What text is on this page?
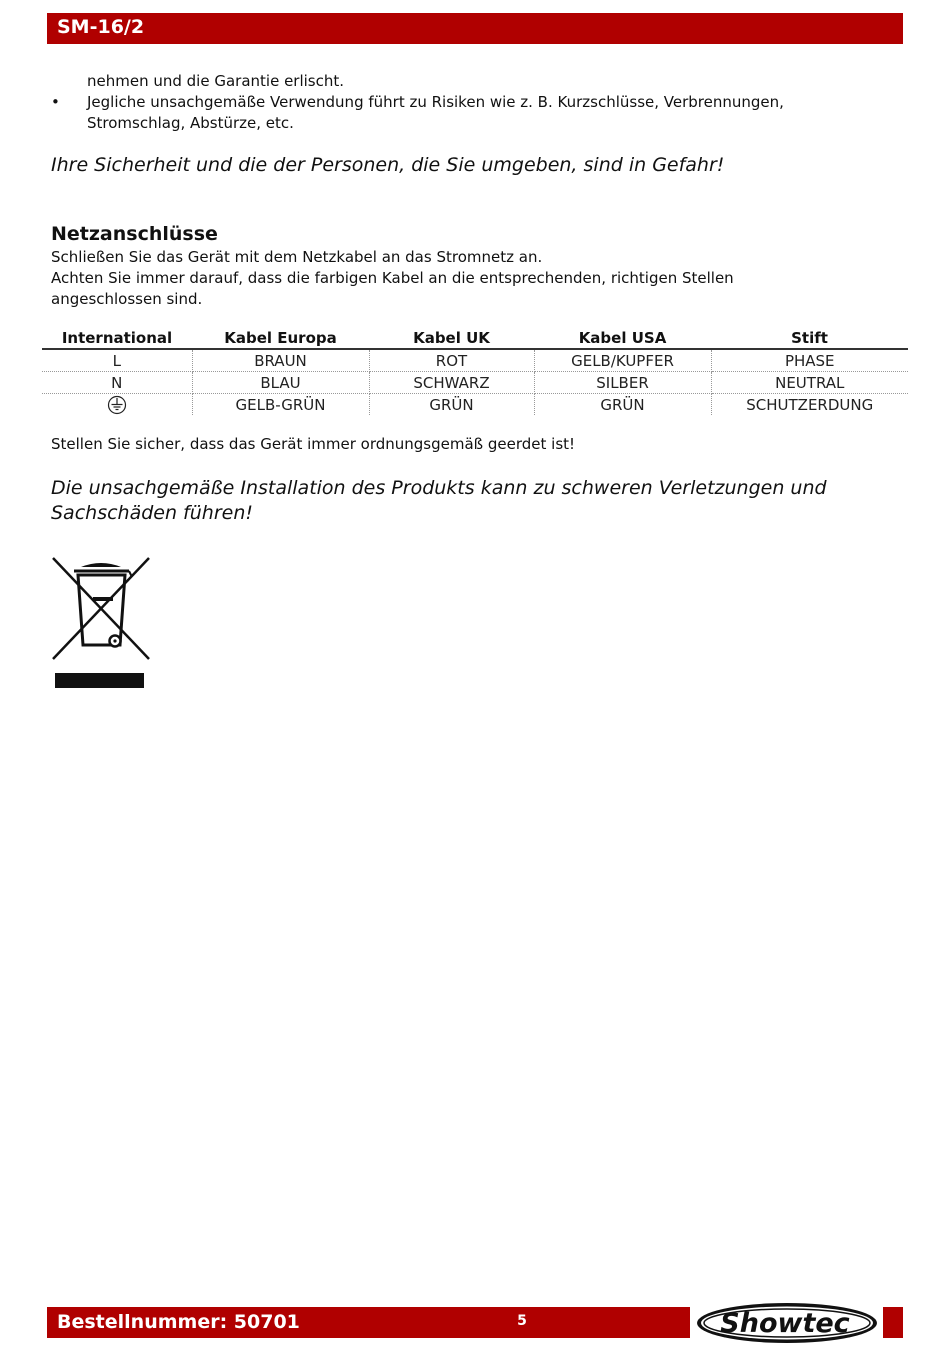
SM-16/2
nehmen und die Garantie erlischt.
•	Jegliche unsachgemäße Verwendung führt zu Risiken wie z. B. Kurzschlüsse, Verbrennungen, Stromschlag, Abstürze, etc.
Ihre Sicherheit und die der Personen, die Sie umgeben, sind in Gefahr!
Netzanschlüsse
Schließen Sie das Gerät mit dem Netzkabel an das Stromnetz an.
Achten Sie immer darauf, dass die farbigen Kabel an die entsprechenden, richtigen Stellen angeschlossen sind.
International	Kabel Europa	Kabel UK	Kabel USA	Stift
L	BRAUN	ROT	GELB/KUPFER	PHASE
N	BLAU	SCHWARZ	SILBER	NEUTRAL
	GELB-GRÜN	GRÜN	GRÜN	SCHUTZERDUNG
Stellen Sie sicher, dass das Gerät immer ordnungsgemäß geerdet ist!
Die unsachgemäße Installation des Produkts kann zu schweren Verletzungen und Sachschäden führen!
Bestellnummer: 50701	5	Showtec
